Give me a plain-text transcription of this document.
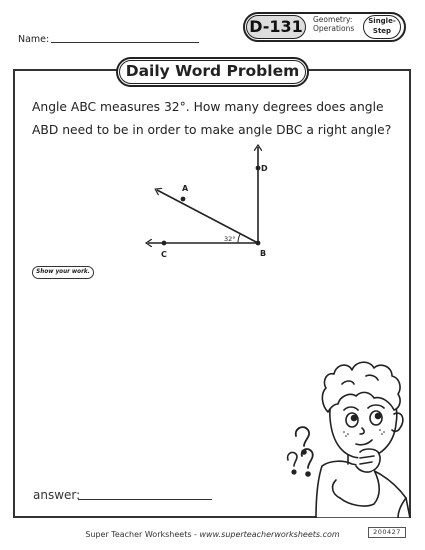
Name:
D-131	Geometry:
Operations
Single-
Step
Daily Word Problem
Angle ABC measures 32°. How many degrees does angle ABD need to be in order to make angle DBC a right angle?
A
B
C
D
32°
Show your work.
answer:
Super Teacher Worksheets - www.superteacherworksheets.com	200427
